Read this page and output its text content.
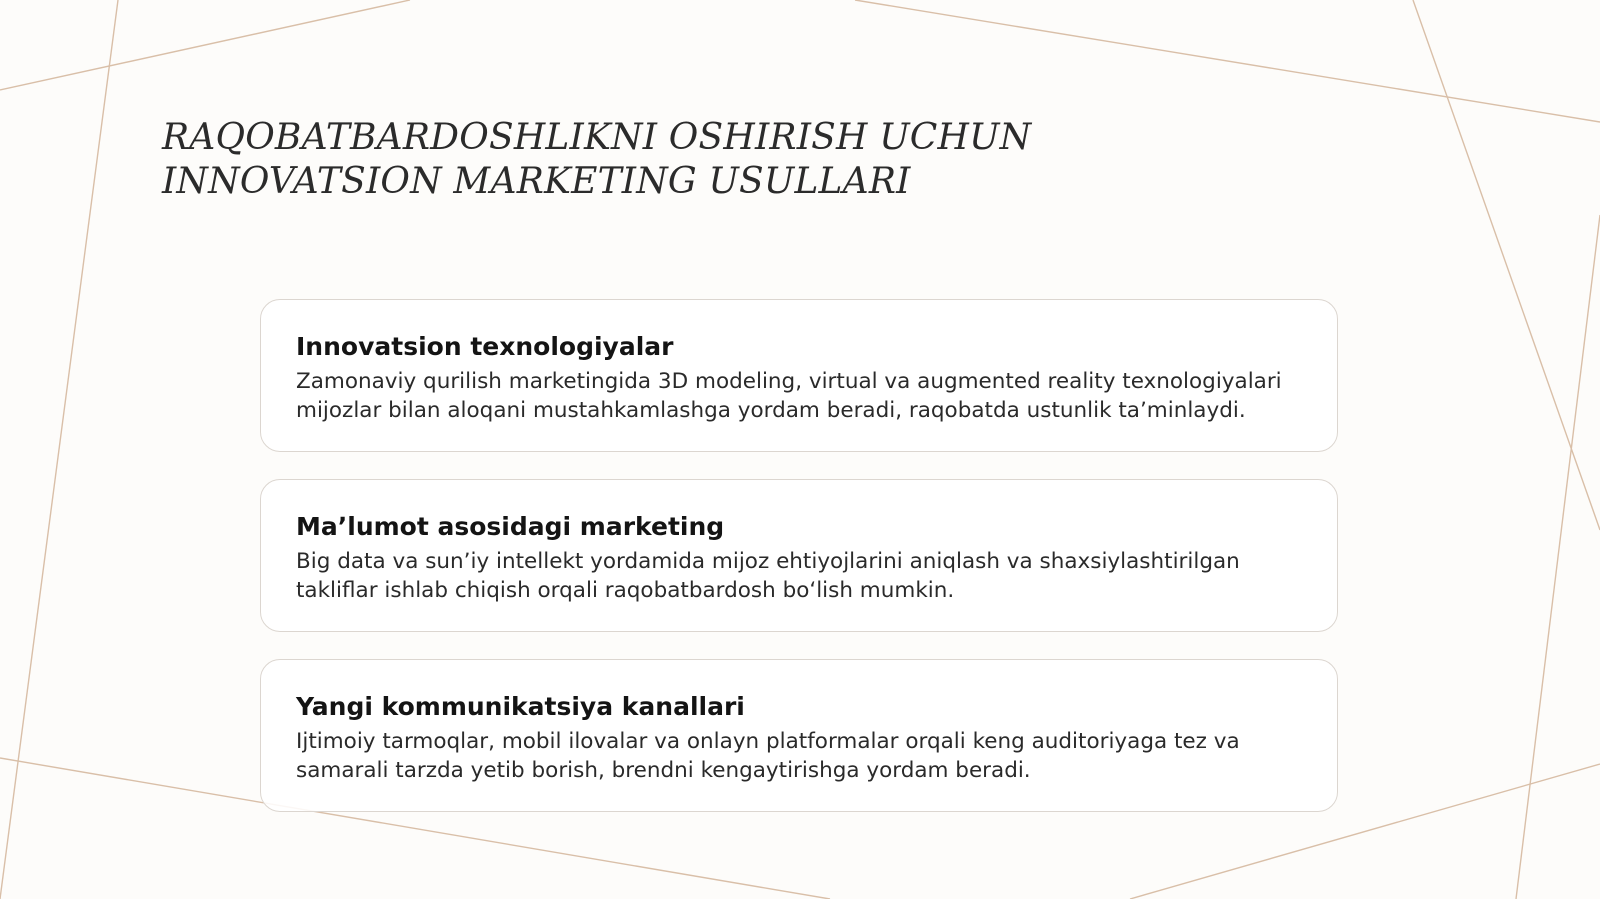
RAQOBATBARDOSHLIKNI OSHIRISH UCHUN INNOVATSION MARKETING USULLARI
Innovatsion texnologiyalar

Zamonaviy qurilish marketingida 3D modeling, virtual va augmented reality texnologiyalari mijozlar bilan aloqani mustahkamlashga yordam beradi, raqobatda ustunlik taʼminlaydi.

Maʼlumot asosidagi marketing

Big data va sunʼiy intellekt yordamida mijoz ehtiyojlarini aniqlash va shaxsiylashtirilgan takliflar ishlab chiqish orqali raqobatbardosh boʻlish mumkin.

Yangi kommunikatsiya kanallari

Ijtimoiy tarmoqlar, mobil ilovalar va onlayn platformalar orqali keng auditoriyaga tez va samarali tarzda yetib borish, brendni kengaytirishga yordam beradi.
